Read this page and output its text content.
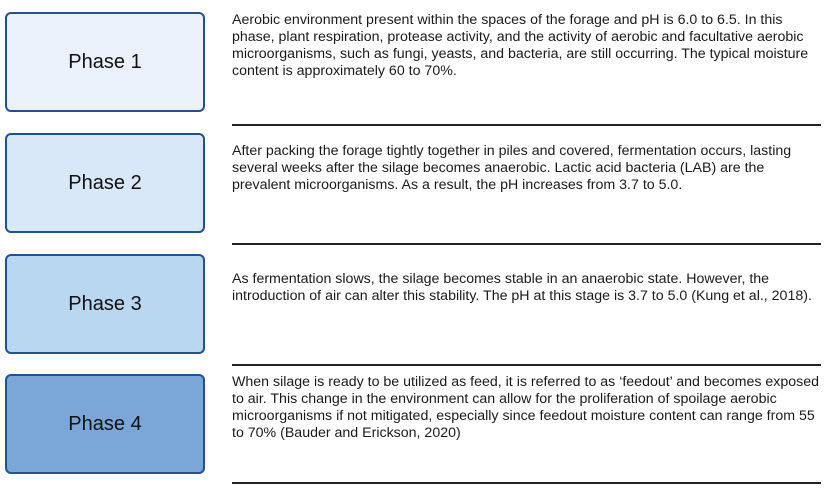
Phase 1

Aerobic environment present within the spaces of the forage and pH is 6.0 to 6.5. In this phase, plant respiration, protease activity, and the activity of aerobic and facultative aerobic microorganisms, such as fungi, yeasts, and bacteria, are still occurring. The typical moisture content is approximately 60 to 70%.

Phase 2

After packing the forage tightly together in piles and covered, fermentation occurs, lasting several weeks after the silage becomes anaerobic. Lactic acid bacteria (LAB) are the prevalent microorganisms. As a result, the pH increases from 3.7 to 5.0.

Phase 3

As fermentation slows, the silage becomes stable in an anaerobic state. However, the introduction of air can alter this stability. The pH at this stage is 3.7 to 5.0 (Kung et al., 2018).

Phase 4

When silage is ready to be utilized as feed, it is referred to as ‘feedout’ and becomes exposed to air. This change in the environment can allow for the proliferation of spoilage aerobic microorganisms if not mitigated, especially since feedout moisture content can range from 55 to 70% (Bauder and Erickson, 2020)
